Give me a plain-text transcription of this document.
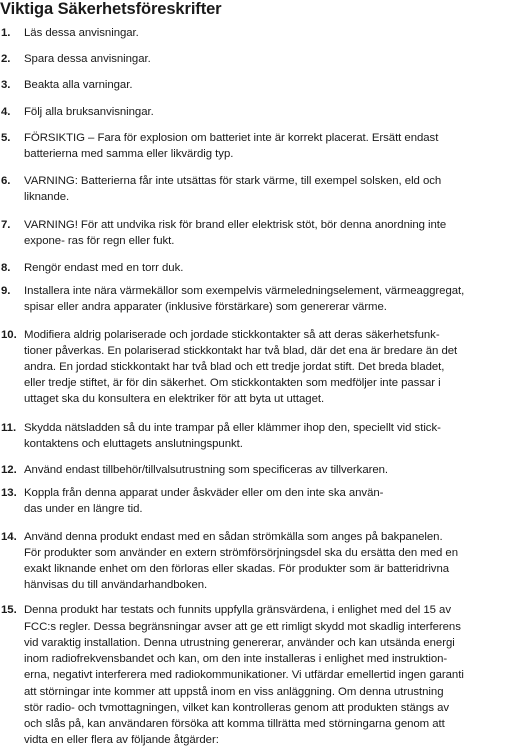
Viktiga Säkerhetsföreskrifter
1. Läs dessa anvisningar.
2. Spara dessa anvisningar.
3. Beakta alla varningar.
4. Följ alla bruksanvisningar.
5. FÖRSIKTIG – Fara för explosion om batteriet inte är korrekt placerat. Ersätt endast
batterierna med samma eller likvärdig typ.
6. VARNING: Batterierna får inte utsättas för stark värme, till exempel solsken, eld och
liknande.
7. VARNING! För att undvika risk för brand eller elektrisk stöt, bör denna anordning inte
expone- ras för regn eller fukt.
8. Rengör endast med en torr duk.
9. Installera inte nära värmekällor som exempelvis värmeledningselement, värmeaggregat,
spisar eller andra apparater (inklusive förstärkare) som genererar värme.
10. Modifiera aldrig polariserade och jordade stickkontakter så att deras säkerhetsfunk-
tioner påverkas. En polariserad stickkontakt har två blad, där det ena är bredare än det
andra. En jordad stickkontakt har två blad och ett tredje jordat stift. Det breda bladet,
eller tredje stiftet, är för din säkerhet. Om stickkontakten som medföljer inte passar i
uttaget ska du konsultera en elektriker för att byta ut uttaget.
11. Skydda nätsladden så du inte trampar på eller klämmer ihop den, speciellt vid stick-
kontaktens och eluttagets anslutningspunkt.
12. Använd endast tillbehör/tillvalsutrustning som specificeras av tillverkaren.
13. Koppla från denna apparat under åskväder eller om den inte ska använ-
das under en längre tid.
14. Använd denna produkt endast med en sådan strömkälla som anges på bakpanelen.
För produkter som använder en extern strömförsörjningsdel ska du ersätta den med en
exakt liknande enhet om den förloras eller skadas. För produkter som är batteridrivna
hänvisas du till användarhandboken.
15. Denna produkt har testats och funnits uppfylla gränsvärdena, i enlighet med del 15 av
FCC:s regler. Dessa begränsningar avser att ge ett rimligt skydd mot skadlig interferens
vid varaktig installation. Denna utrustning genererar, använder och kan utsända energi
inom radiofrekvensbandet och kan, om den inte installeras i enlighet med instruktion-
erna, negativt interferera med radiokommunikationer. Vi utfärdar emellertid ingen garanti
att störningar inte kommer att uppstå inom en viss anläggning. Om denna utrustning
stör radio- och tvmottagningen, vilket kan kontrolleras genom att produkten stängs av
och slås på, kan användaren försöka att komma tillrätta med störningarna genom att
vidta en eller flera av följande åtgärder:
